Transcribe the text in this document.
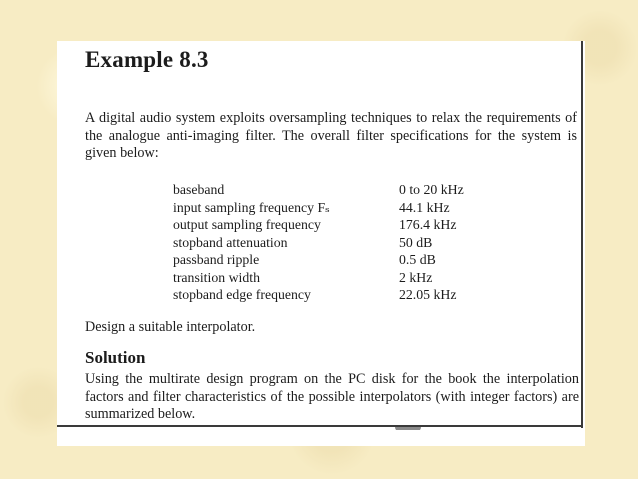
Example 8.3
A digital audio system exploits oversampling techniques to relax the requirements of the analogue anti-imaging filter. The overall filter specifications for the system is given below:
baseband	0 to 20 kHz
input sampling frequency Fₛ	44.1 kHz
output sampling frequency	176.4 kHz
stopband attenuation	50 dB
passband ripple	0.5 dB
transition width	2 kHz
stopband edge frequency	22.05 kHz
Design a suitable interpolator.
Solution
Using the multirate design program on the PC disk for the book the interpolation factors and filter characteristics of the possible interpolators (with integer factors) are summarized below.
